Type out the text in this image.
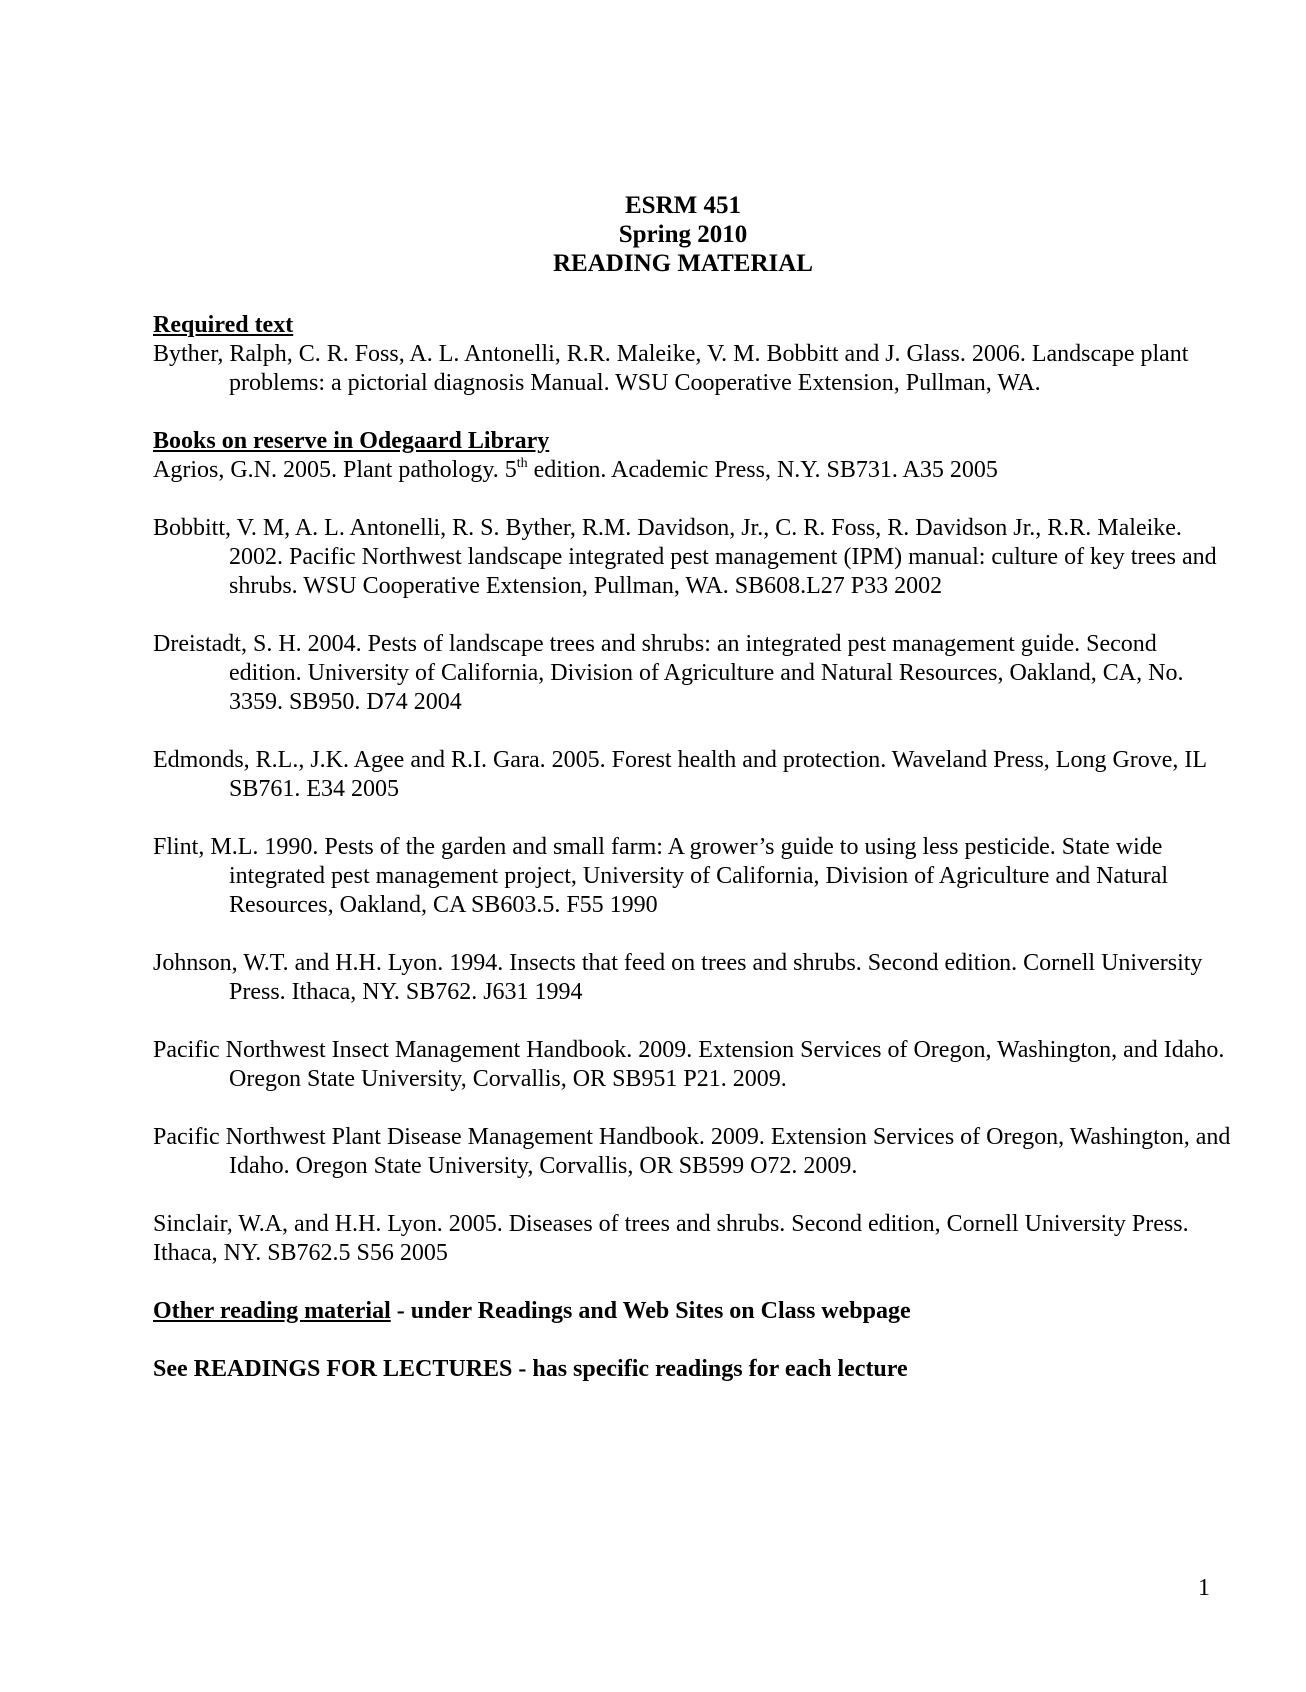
ESRM 451
Spring 2010
READING MATERIAL
Required text
Byther, Ralph, C. R. Foss, A. L. Antonelli, R.R. Maleike, V. M. Bobbitt and J. Glass. 2006. Landscape plant problems: a pictorial diagnosis Manual. WSU Cooperative Extension, Pullman, WA.
Books on reserve in Odegaard Library
Agrios, G.N. 2005. Plant pathology. 5th edition. Academic Press, N.Y. SB731. A35 2005
Bobbitt, V. M, A. L. Antonelli, R. S. Byther, R.M. Davidson, Jr., C. R. Foss, R. Davidson Jr., R.R. Maleike. 2002. Pacific Northwest landscape integrated pest management (IPM) manual: culture of key trees and shrubs. WSU Cooperative Extension, Pullman, WA. SB608.L27 P33 2002
Dreistadt, S. H. 2004. Pests of landscape trees and shrubs: an integrated pest management guide. Second edition. University of California, Division of Agriculture and Natural Resources, Oakland, CA, No. 3359. SB950. D74 2004
Edmonds, R.L., J.K. Agee and R.I. Gara. 2005. Forest health and protection. Waveland Press, Long Grove, IL SB761. E34 2005
Flint, M.L. 1990. Pests of the garden and small farm: A grower’s guide to using less pesticide. State wide integrated pest management project, University of California, Division of Agriculture and Natural Resources, Oakland, CA SB603.5. F55 1990
Johnson, W.T. and H.H. Lyon. 1994. Insects that feed on trees and shrubs. Second edition. Cornell University Press. Ithaca, NY. SB762. J631 1994
Pacific Northwest Insect Management Handbook. 2009. Extension Services of Oregon, Washington, and Idaho. Oregon State University, Corvallis, OR SB951 P21. 2009.
Pacific Northwest Plant Disease Management Handbook. 2009. Extension Services of Oregon, Washington, and Idaho. Oregon State University, Corvallis, OR SB599 O72. 2009.
Sinclair, W.A, and H.H. Lyon. 2005. Diseases of trees and shrubs. Second edition, Cornell University Press. Ithaca, NY. SB762.5 S56 2005
Other reading material - under Readings and Web Sites on Class webpage
See READINGS FOR LECTURES - has specific readings for each lecture
1
